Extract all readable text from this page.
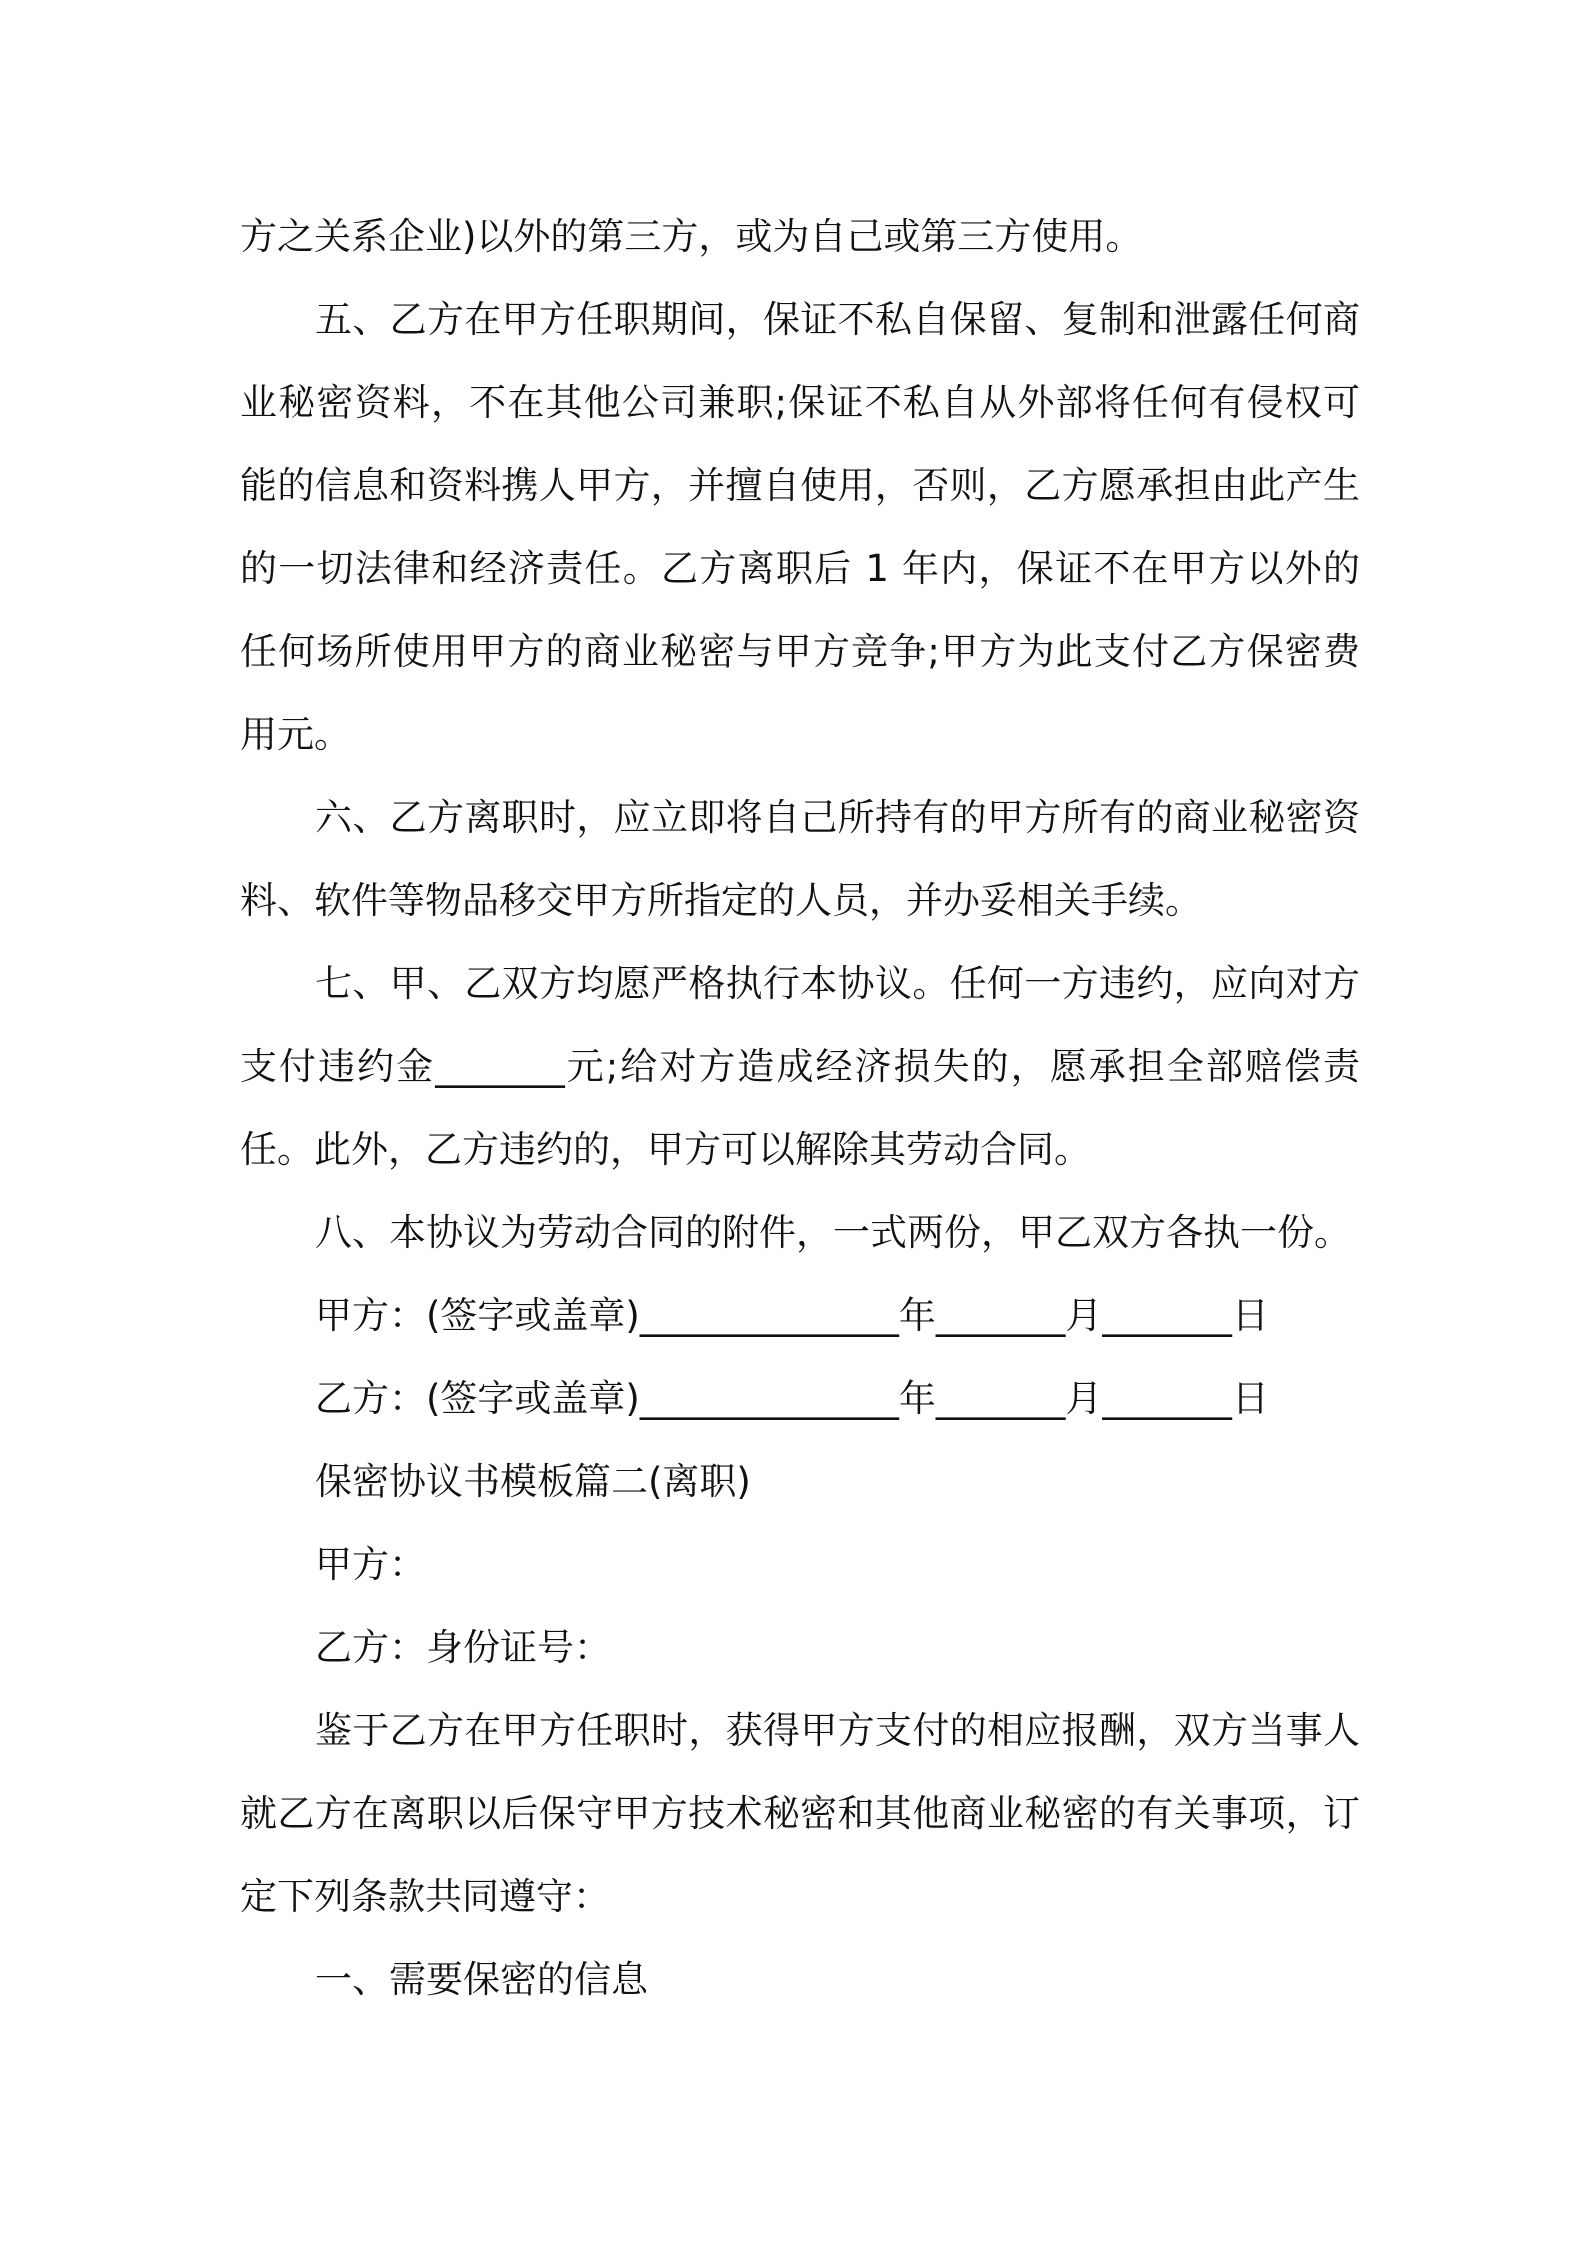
方之关系企业)以外的第三方，或为自己或第三方使用。

五、乙方在甲方任职期间，保证不私自保留、复制和泄露任何商业秘密资料，不在其他公司兼职;保证不私自从外部将任何有侵权可能的信息和资料携人甲方，并擅自使用，否则，乙方愿承担由此产生的一切法律和经济责任。乙方离职后 1 年内，保证不在甲方以外的任何场所使用甲方的商业秘密与甲方竞争;甲方为此支付乙方保密费用元。

六、乙方离职时，应立即将自己所持有的甲方所有的商业秘密资料、软件等物品移交甲方所指定的人员，并办妥相关手续。

七、甲、乙双方均愿严格执行本协议。任何一方违约，应向对方支付违约金_______元;给对方造成经济损失的，愿承担全部赔偿责任。此外，乙方违约的，甲方可以解除其劳动合同。

八、本协议为劳动合同的附件，一式两份，甲乙双方各执一份。

甲方：(签字或盖章)______________年_______月_______日

乙方：(签字或盖章)______________年_______月_______日

保密协议书模板篇二(离职)

甲方：

乙方：身份证号：

鉴于乙方在甲方任职时，获得甲方支付的相应报酬，双方当事人就乙方在离职以后保守甲方技术秘密和其他商业秘密的有关事项，订定下列条款共同遵守：

一、需要保密的信息
